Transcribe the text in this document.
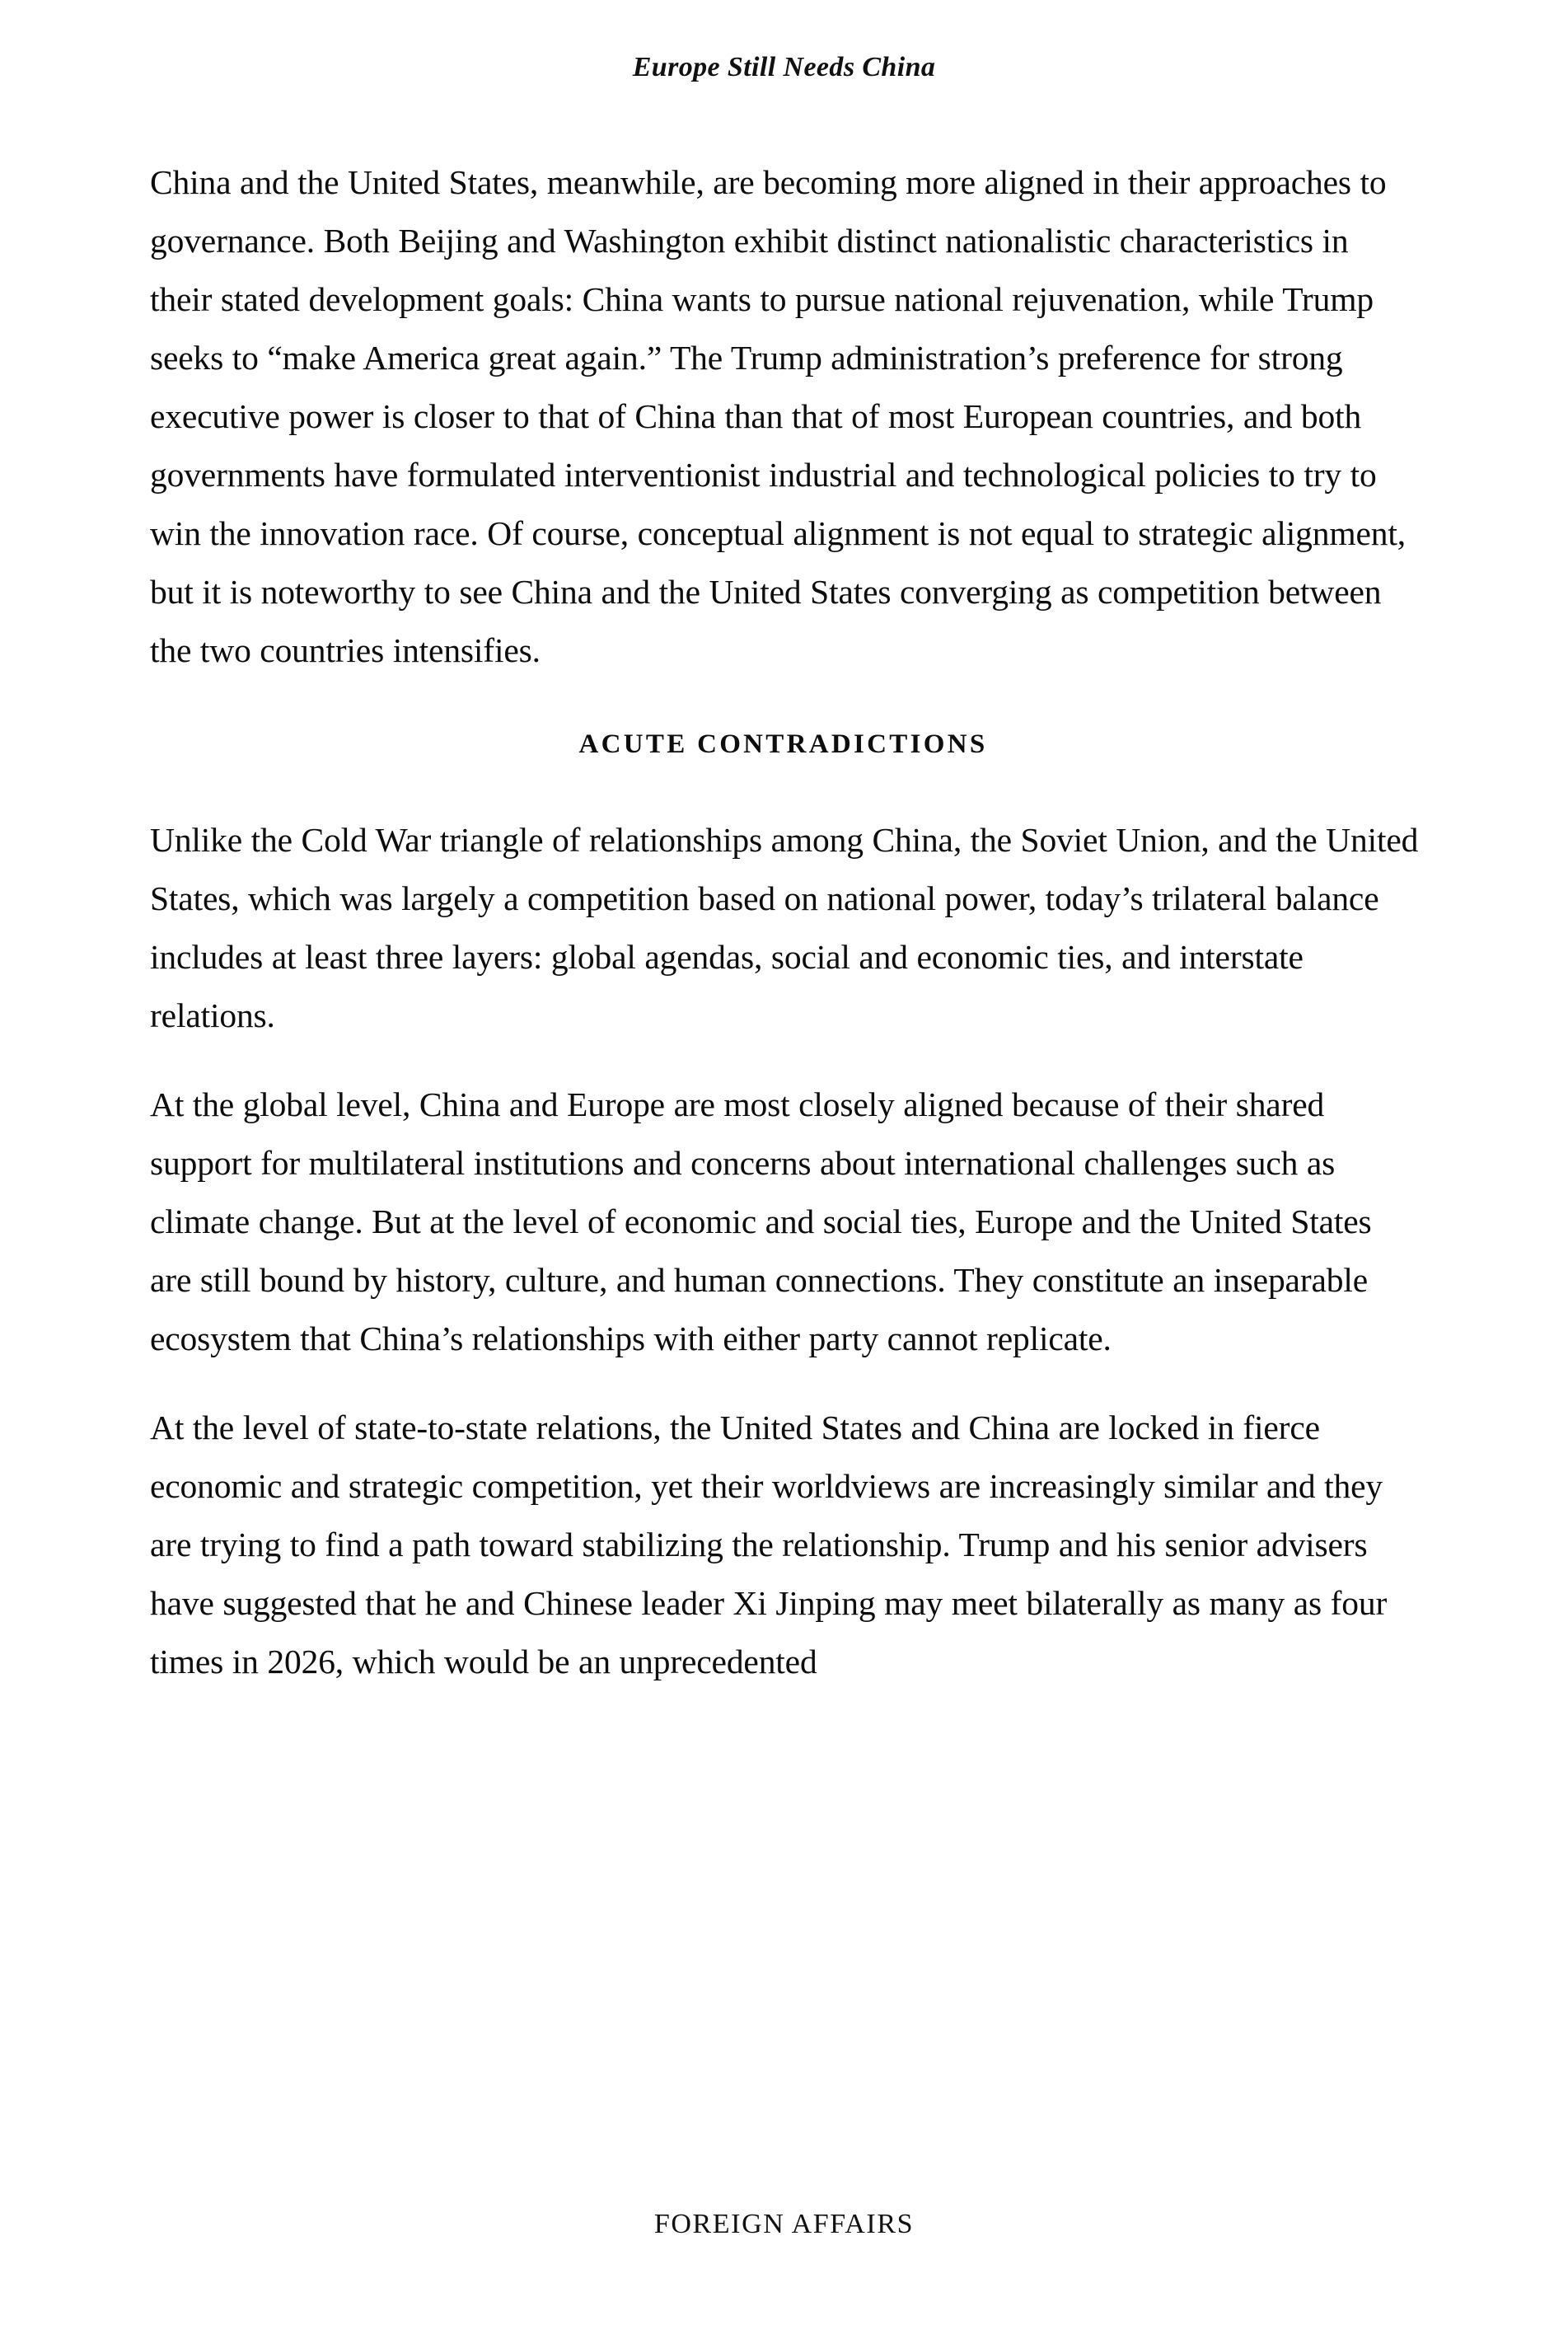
Europe Still Needs China

China and the United States, meanwhile, are becoming more aligned in their approaches to governance. Both Beijing and Washington exhibit distinct nationalistic characteristics in their stated development goals: China wants to pursue national rejuvenation, while Trump seeks to “make America great again.” The Trump administration’s preference for strong executive power is closer to that of China than that of most European countries, and both governments have formulated interventionist industrial and technological policies to try to win the innovation race. Of course, conceptual alignment is not equal to strategic alignment, but it is noteworthy to see China and the United States converging as competition between the two countries intensifies.

ACUTE CONTRADICTIONS

Unlike the Cold War triangle of relationships among China, the Soviet Union, and the United States, which was largely a competition based on national power, today’s trilateral balance includes at least three layers: global agendas, social and economic ties, and interstate relations.

At the global level, China and Europe are most closely aligned because of their shared support for multilateral institutions and concerns about international challenges such as climate change. But at the level of economic and social ties, Europe and the United States are still bound by history, culture, and human connections. They constitute an inseparable ecosystem that China’s relationships with either party cannot replicate.

At the level of state-to-state relations, the United States and China are locked in fierce economic and strategic competition, yet their worldviews are increasingly similar and they are trying to find a path toward stabilizing the relationship. Trump and his senior advisers have suggested that he and Chinese leader Xi Jinping may meet bilaterally as many as four times in 2026, which would be an unprecedented

FOREIGN AFFAIRS
